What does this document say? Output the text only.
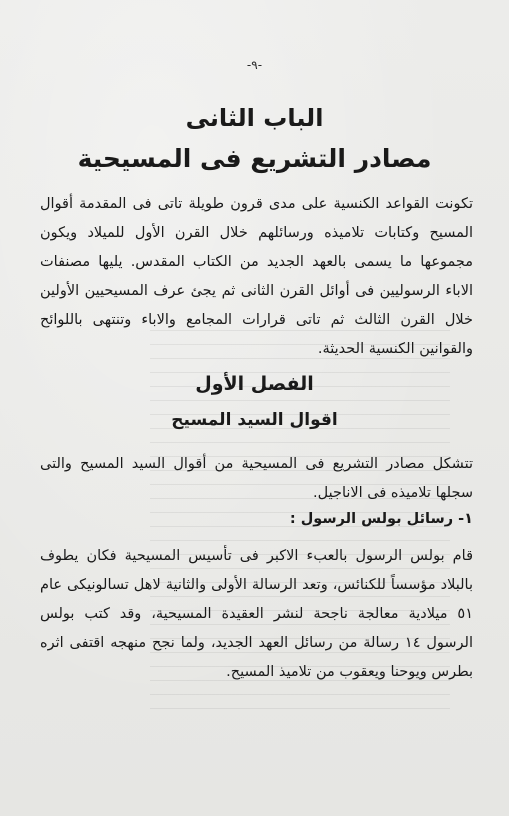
-٩-
الباب الثانى
مصادر التشريع فى المسيحية

تكونت القواعد الكنسية على مدى قرون طويلة تاتى فى المقدمة أقوال المسيح وكتابات تلاميذه ورسائلهم خلال القرن الأول للميلاد ويكون مجموعها ما يسمى بالعهد الجديد من الكتاب المقدس. يليها مصنفات الاباء الرسوليين فى أوائل القرن الثانى ثم يجئ عرف المسيحيين الأولين خلال القرن الثالث ثم تاتى قرارات المجامع والاباء وتنتهى باللوائح والقوانين الكنسية الحديثة.

الفصل الأول
اقوال السيد المسيح

تتشكل مصادر التشريع فى المسيحية من أقوال السيد المسيح والتى سجلها تلاميذه فى الاناجيل.

١- رسائل بولس الرسول :

قام بولس الرسول بالعبء الاكبر فى تأسيس المسيحية فكان يطوف بالبلاد مؤسساً للكنائس، وتعد الرسالة الأولى والثانية لاهل تسالونيكى عام ٥١ ميلادية معالجة ناجحة لنشر العقيدة المسيحية، وقد كتب بولس الرسول ١٤ رسالة من رسائل العهد الجديد، ولما نجح منهجه اقتفى اثره بطرس ويوحنا ويعقوب من تلاميذ المسيح.
